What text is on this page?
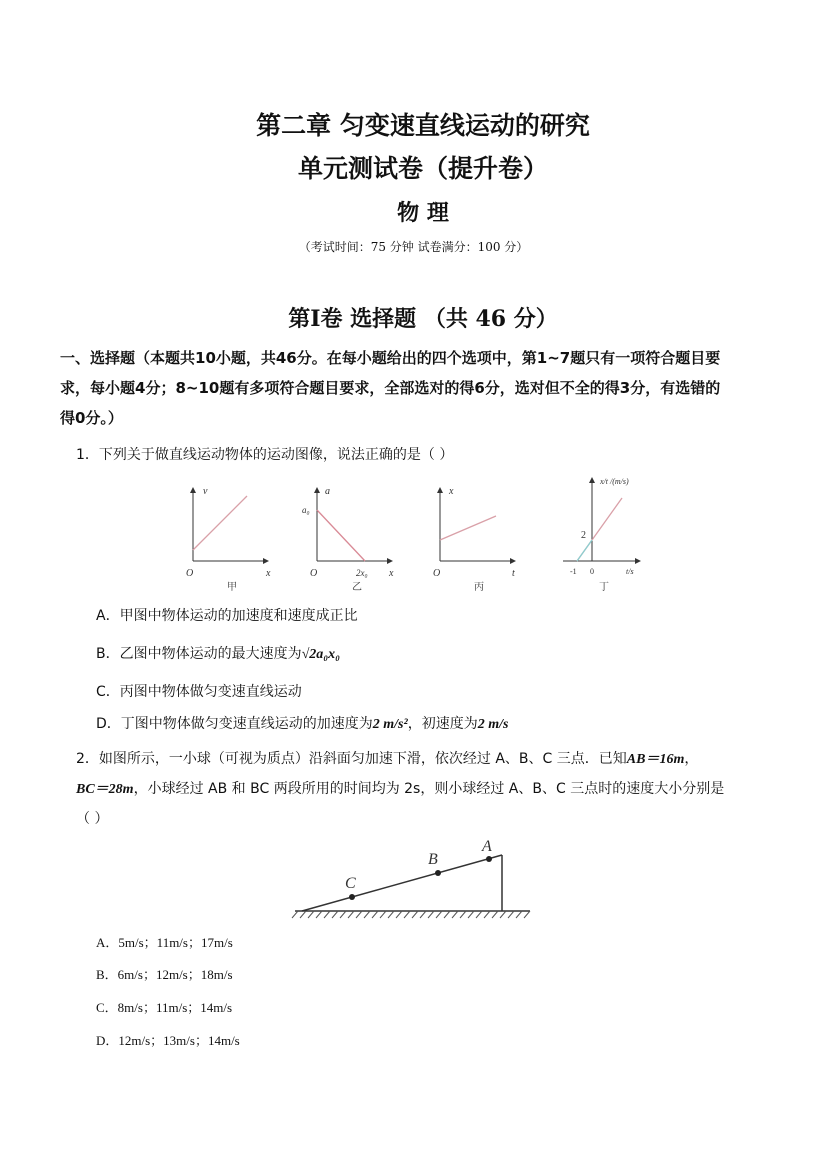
第二章 匀变速直线运动的研究
单元测试卷（提升卷）
物 理
（考试时间：75 分钟 试卷满分：100 分）
第Ⅰ卷 选择题 （共 46 分）
一、选择题（本题共10小题，共46分。在每小题给出的四个选项中，第1~7题只有一项符合题目要
求，每小题4分；8~10题有多项符合题目要求，全部选对的得6分，选对但不全的得3分，有选错的
得0分。）
1．下列关于做直线运动物体的运动图像，说法正确的是（ ）
v
x
O
甲
a
a₀
2x₀ x
O
乙
x
t
O
丙
x/t /(m/s)
2
-1 0	t/s
丁
A．甲图中物体运动的加速度和速度成正比
B．乙图中物体运动的最大速度为√2a₀x₀
C．丙图中物体做匀变速直线运动
D．丁图中物体做匀变速直线运动的加速度为2 m/s²，初速度为2 m/s
2．如图所示，一小球（可视为质点）沿斜面匀加速下滑，依次经过 A、B、C 三点．已知AB＝16m，
BC＝28m，小球经过 AB 和 BC 两段所用的时间均为 2s，则小球经过 A、B、C 三点时的速度大小分别是
（ ）
C
B
A
A．5m/s；11m/s；17m/s
B．6m/s；12m/s；18m/s
C．8m/s；11m/s；14m/s
D．12m/s；13m/s；14m/s
